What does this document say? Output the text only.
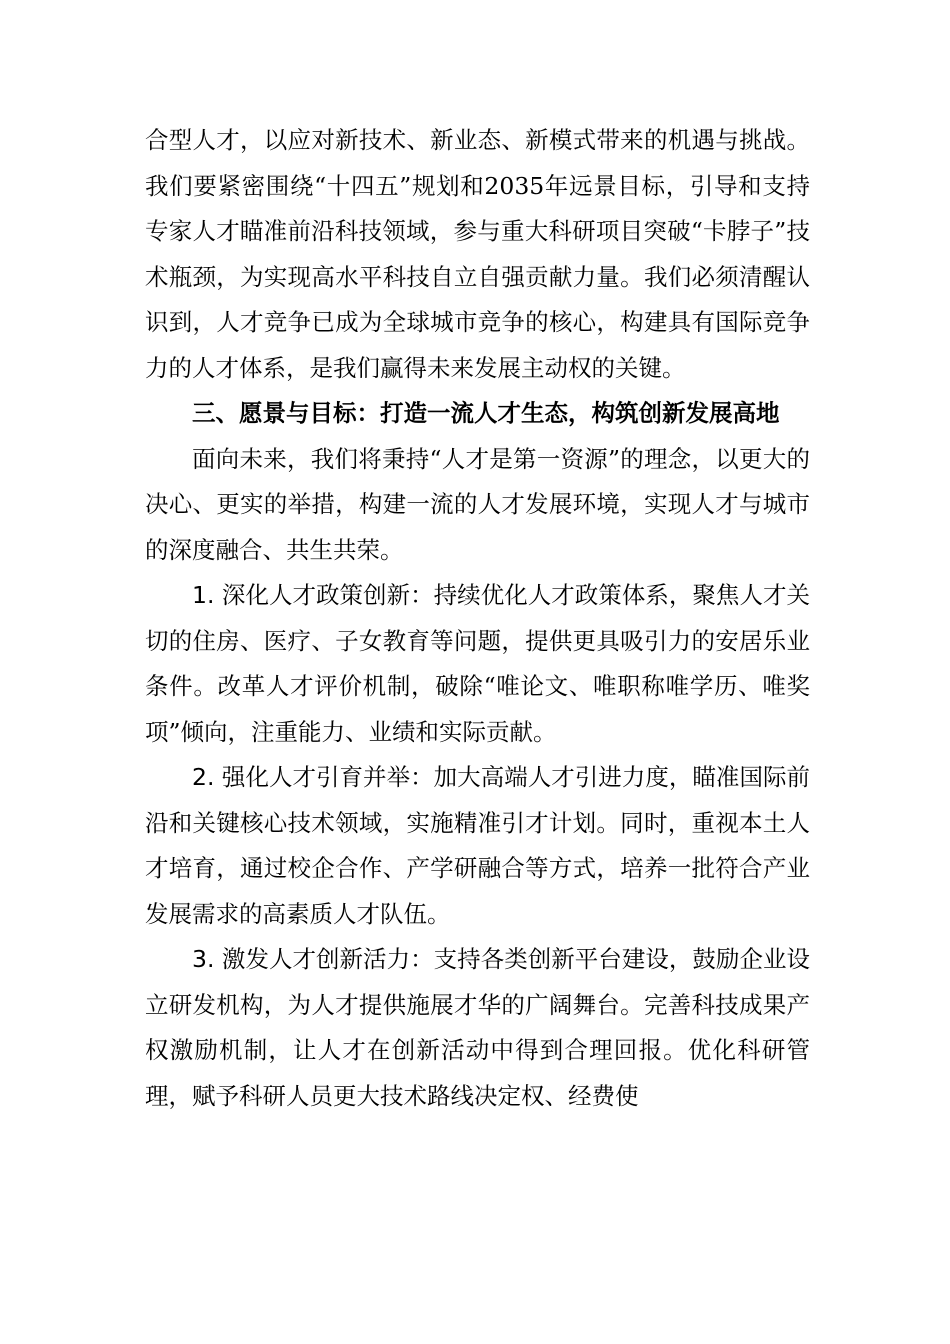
合型人才，以应对新技术、新业态、新模式带来的机遇与挑战。我们要紧密围绕“十四五”规划和2035年远景目标，引导和支持专家人才瞄准前沿科技领域，参与重大科研项目突破“卡脖子”技术瓶颈，为实现高水平科技自立自强贡献力量。我们必须清醒认识到，人才竞争已成为全球城市竞争的核心，构建具有国际竞争力的人才体系，是我们赢得未来发展主动权的关键。

三、愿景与目标：打造一流人才生态，构筑创新发展高地

面向未来，我们将秉持“人才是第一资源”的理念，以更大的决心、更实的举措，构建一流的人才发展环境，实现人才与城市的深度融合、共生共荣。

1. 深化人才政策创新：持续优化人才政策体系，聚焦人才关切的住房、医疗、子女教育等问题，提供更具吸引力的安居乐业条件。改革人才评价机制，破除“唯论文、唯职称唯学历、唯奖项”倾向，注重能力、业绩和实际贡献。

2. 强化人才引育并举：加大高端人才引进力度，瞄准国际前沿和关键核心技术领域，实施精准引才计划。同时，重视本土人才培育，通过校企合作、产学研融合等方式，培养一批符合产业发展需求的高素质人才队伍。

3. 激发人才创新活力：支持各类创新平台建设，鼓励企业设立研发机构，为人才提供施展才华的广阔舞台。完善科技成果产权激励机制，让人才在创新活动中得到合理回报。优化科研管理，赋予科研人员更大技术路线决定权、经费使
